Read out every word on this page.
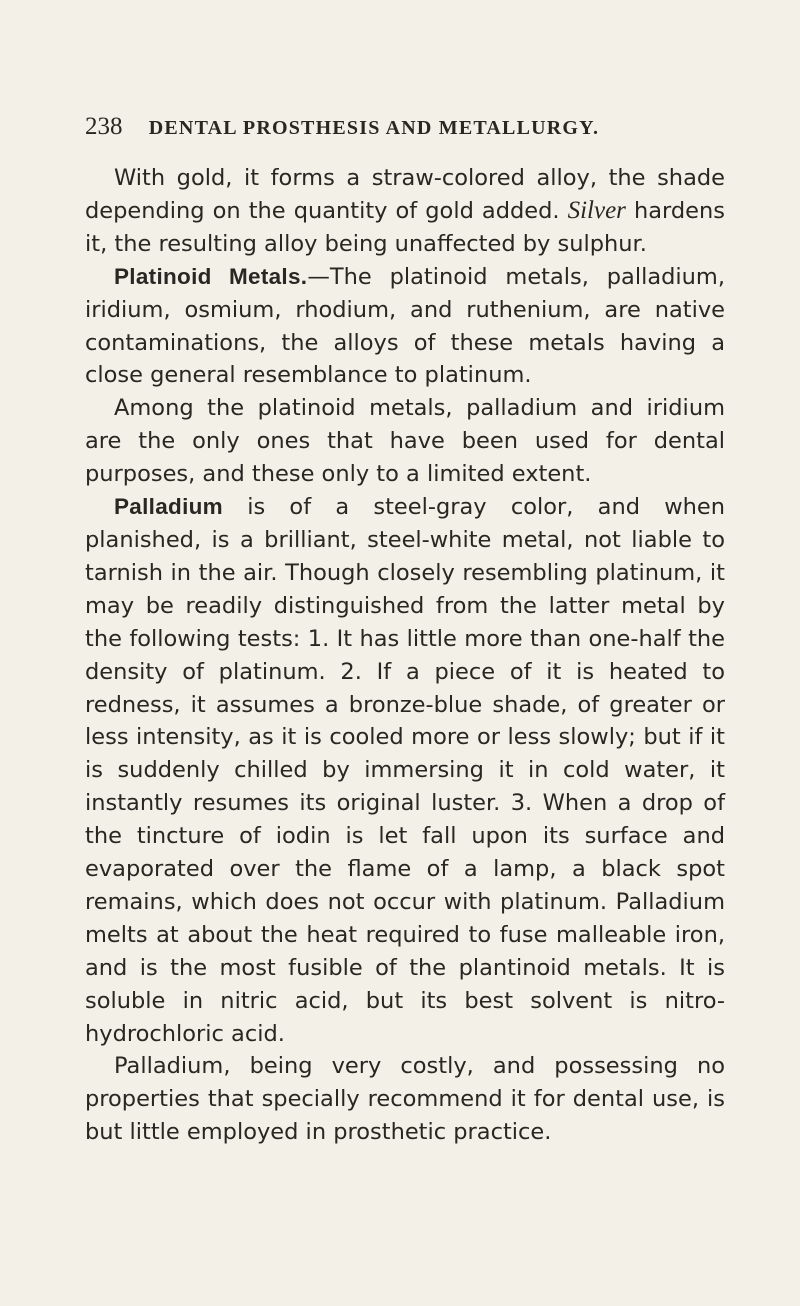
238 DENTAL PROSTHESIS AND METALLURGY.

With gold, it forms a straw-colored alloy, the shade depending on the quantity of gold added. Silver hardens it, the resulting alloy being unaffected by sulphur.

Platinoid Metals.—The platinoid metals, palladium, iridium, osmium, rhodium, and ruthenium, are native contaminations, the alloys of these metals having a close general resemblance to platinum.

Among the platinoid metals, palladium and iridium are the only ones that have been used for dental purposes, and these only to a limited extent.

Palladium is of a steel-gray color, and when planished, is a brilliant, steel-white metal, not liable to tarnish in the air. Though closely resembling platinum, it may be readily distinguished from the latter metal by the following tests: 1. It has little more than one-half the density of platinum. 2. If a piece of it is heated to redness, it assumes a bronze-blue shade, of greater or less intensity, as it is cooled more or less slowly; but if it is suddenly chilled by immersing it in cold water, it instantly resumes its original luster. 3. When a drop of the tincture of iodin is let fall upon its surface and evaporated over the flame of a lamp, a black spot remains, which does not occur with platinum. Palladium melts at about the heat required to fuse malleable iron, and is the most fusible of the plantinoid metals. It is soluble in nitric acid, but its best solvent is nitro-hydrochloric acid.

Palladium, being very costly, and possessing no properties that specially recommend it for dental use, is but little employed in prosthetic practice.
